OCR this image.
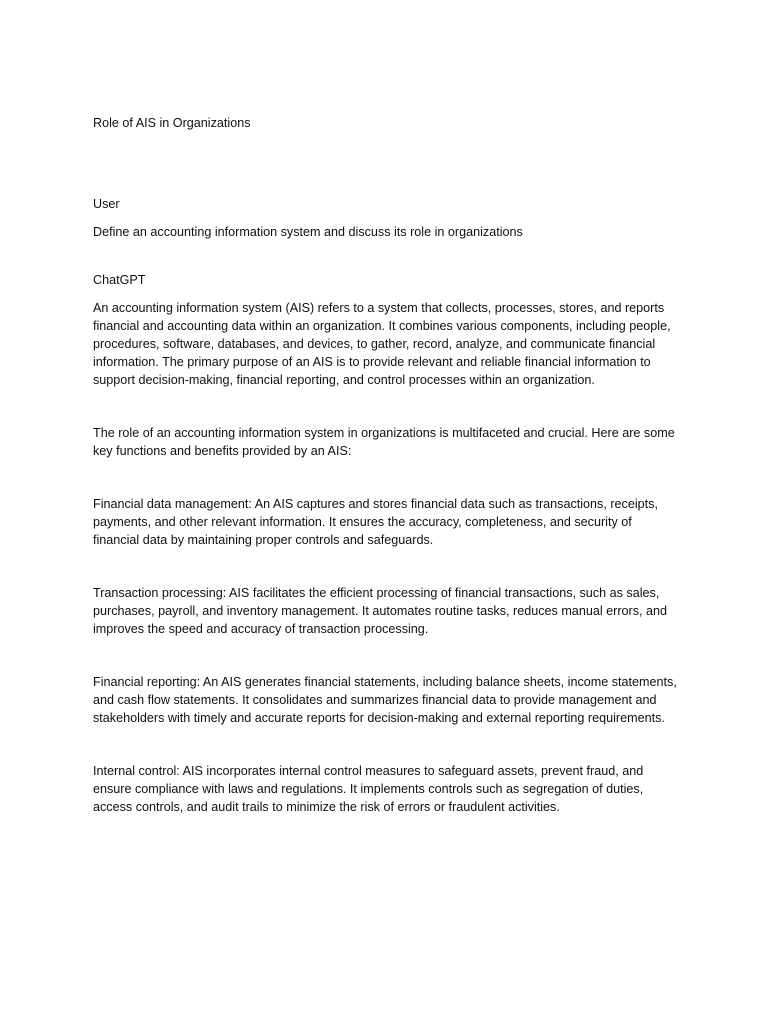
Role of AIS in Organizations

User

Define an accounting information system and discuss its role in organizations

ChatGPT

An accounting information system (AIS) refers to a system that collects, processes, stores, and reports financial and accounting data within an organization. It combines various components, including people, procedures, software, databases, and devices, to gather, record, analyze, and communicate financial information. The primary purpose of an AIS is to provide relevant and reliable financial information to support decision-making, financial reporting, and control processes within an organization.

The role of an accounting information system in organizations is multifaceted and crucial. Here are some key functions and benefits provided by an AIS:

Financial data management: An AIS captures and stores financial data such as transactions, receipts, payments, and other relevant information. It ensures the accuracy, completeness, and security of financial data by maintaining proper controls and safeguards.

Transaction processing: AIS facilitates the efficient processing of financial transactions, such as sales, purchases, payroll, and inventory management. It automates routine tasks, reduces manual errors, and improves the speed and accuracy of transaction processing.

Financial reporting: An AIS generates financial statements, including balance sheets, income statements, and cash flow statements. It consolidates and summarizes financial data to provide management and stakeholders with timely and accurate reports for decision-making and external reporting requirements.

Internal control: AIS incorporates internal control measures to safeguard assets, prevent fraud, and ensure compliance with laws and regulations. It implements controls such as segregation of duties, access controls, and audit trails to minimize the risk of errors or fraudulent activities.
